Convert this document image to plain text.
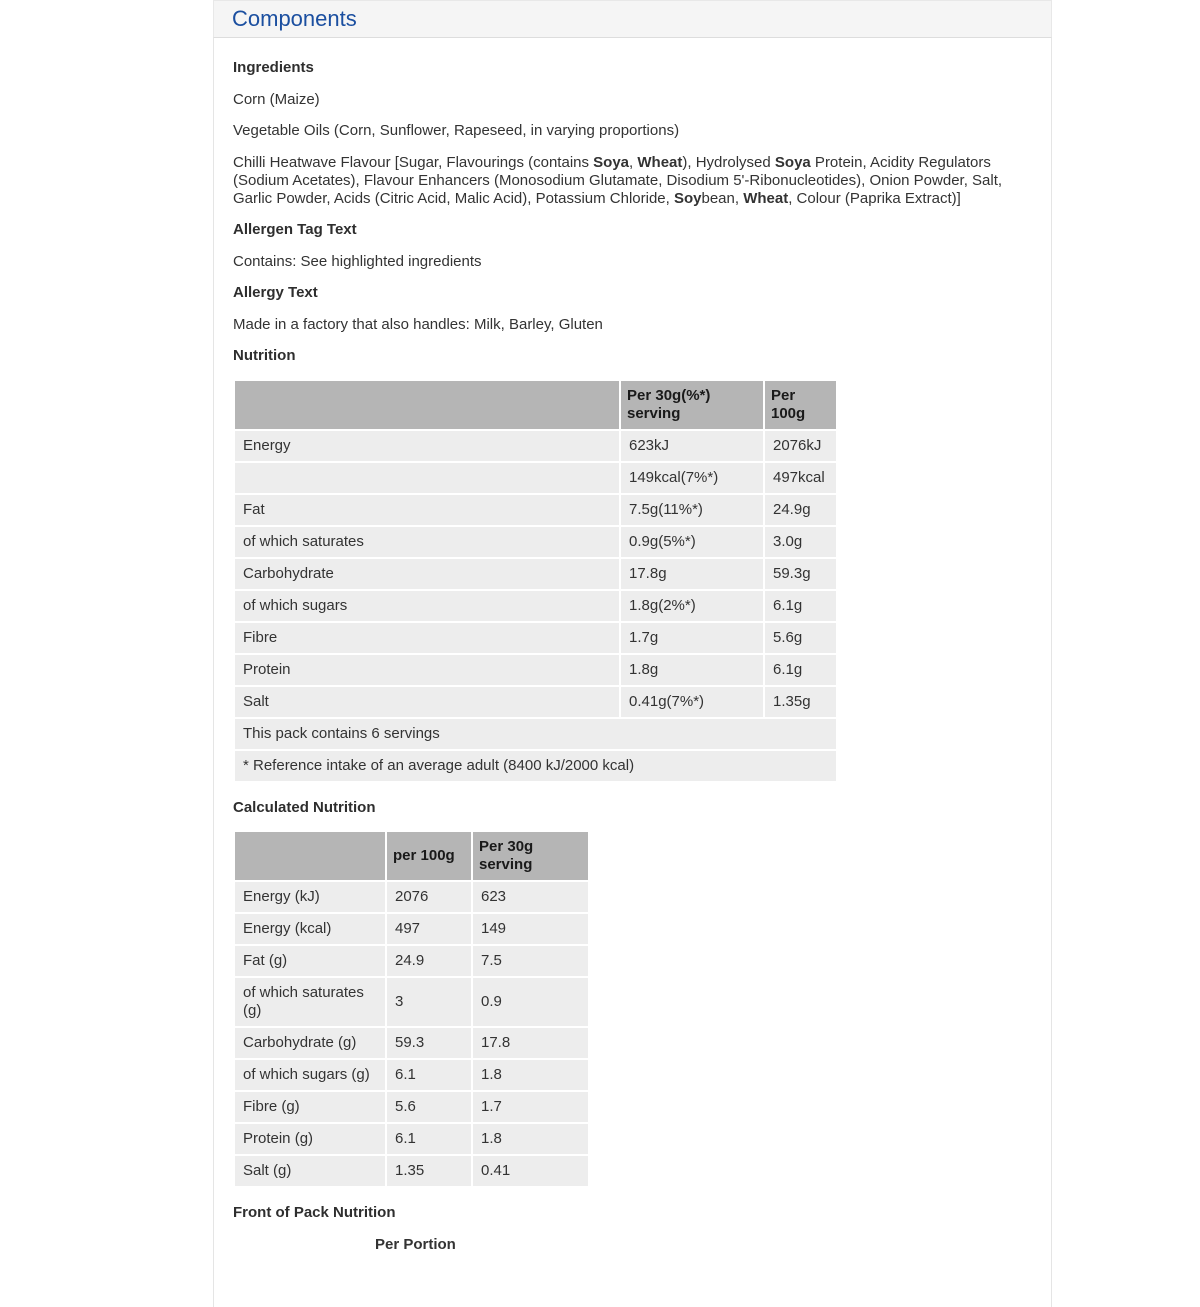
Components
Ingredients

Corn (Maize)

Vegetable Oils (Corn, Sunflower, Rapeseed, in varying proportions)

Chilli Heatwave Flavour [Sugar, Flavourings (contains Soya, Wheat), Hydrolysed Soya Protein, Acidity Regulators (Sodium Acetates), Flavour Enhancers (Monosodium Glutamate, Disodium 5'-Ribonucleotides), Onion Powder, Salt, Garlic Powder, Acids (Citric Acid, Malic Acid), Potassium Chloride, Soybean, Wheat, Colour (Paprika Extract)]

Allergen Tag Text

Contains: See highlighted ingredients

Allergy Text

Made in a factory that also handles: Milk, Barley, Gluten

Nutrition
	Per 30g(%*) serving	Per 100g
Energy	623kJ	2076kJ
	149kcal(7%*)	497kcal
Fat	7.5g(11%*)	24.9g
of which saturates	0.9g(5%*)	3.0g
Carbohydrate	17.8g	59.3g
of which sugars	1.8g(2%*)	6.1g
Fibre	1.7g	5.6g
Protein	1.8g	6.1g
Salt	0.41g(7%*)	1.35g
This pack contains 6 servings		
* Reference intake of an average adult (8400 kJ/2000 kcal)		
Calculated Nutrition
	per 100g	Per 30g serving
Energy (kJ)	2076	623
Energy (kcal)	497	149
Fat (g)	24.9	7.5
of which saturates (g)	3	0.9
Carbohydrate (g)	59.3	17.8
of which sugars (g)	6.1	1.8
Fibre (g)	5.6	1.7
Protein (g)	6.1	1.8
Salt (g)	1.35	0.41
Front of Pack Nutrition

Per Portion
